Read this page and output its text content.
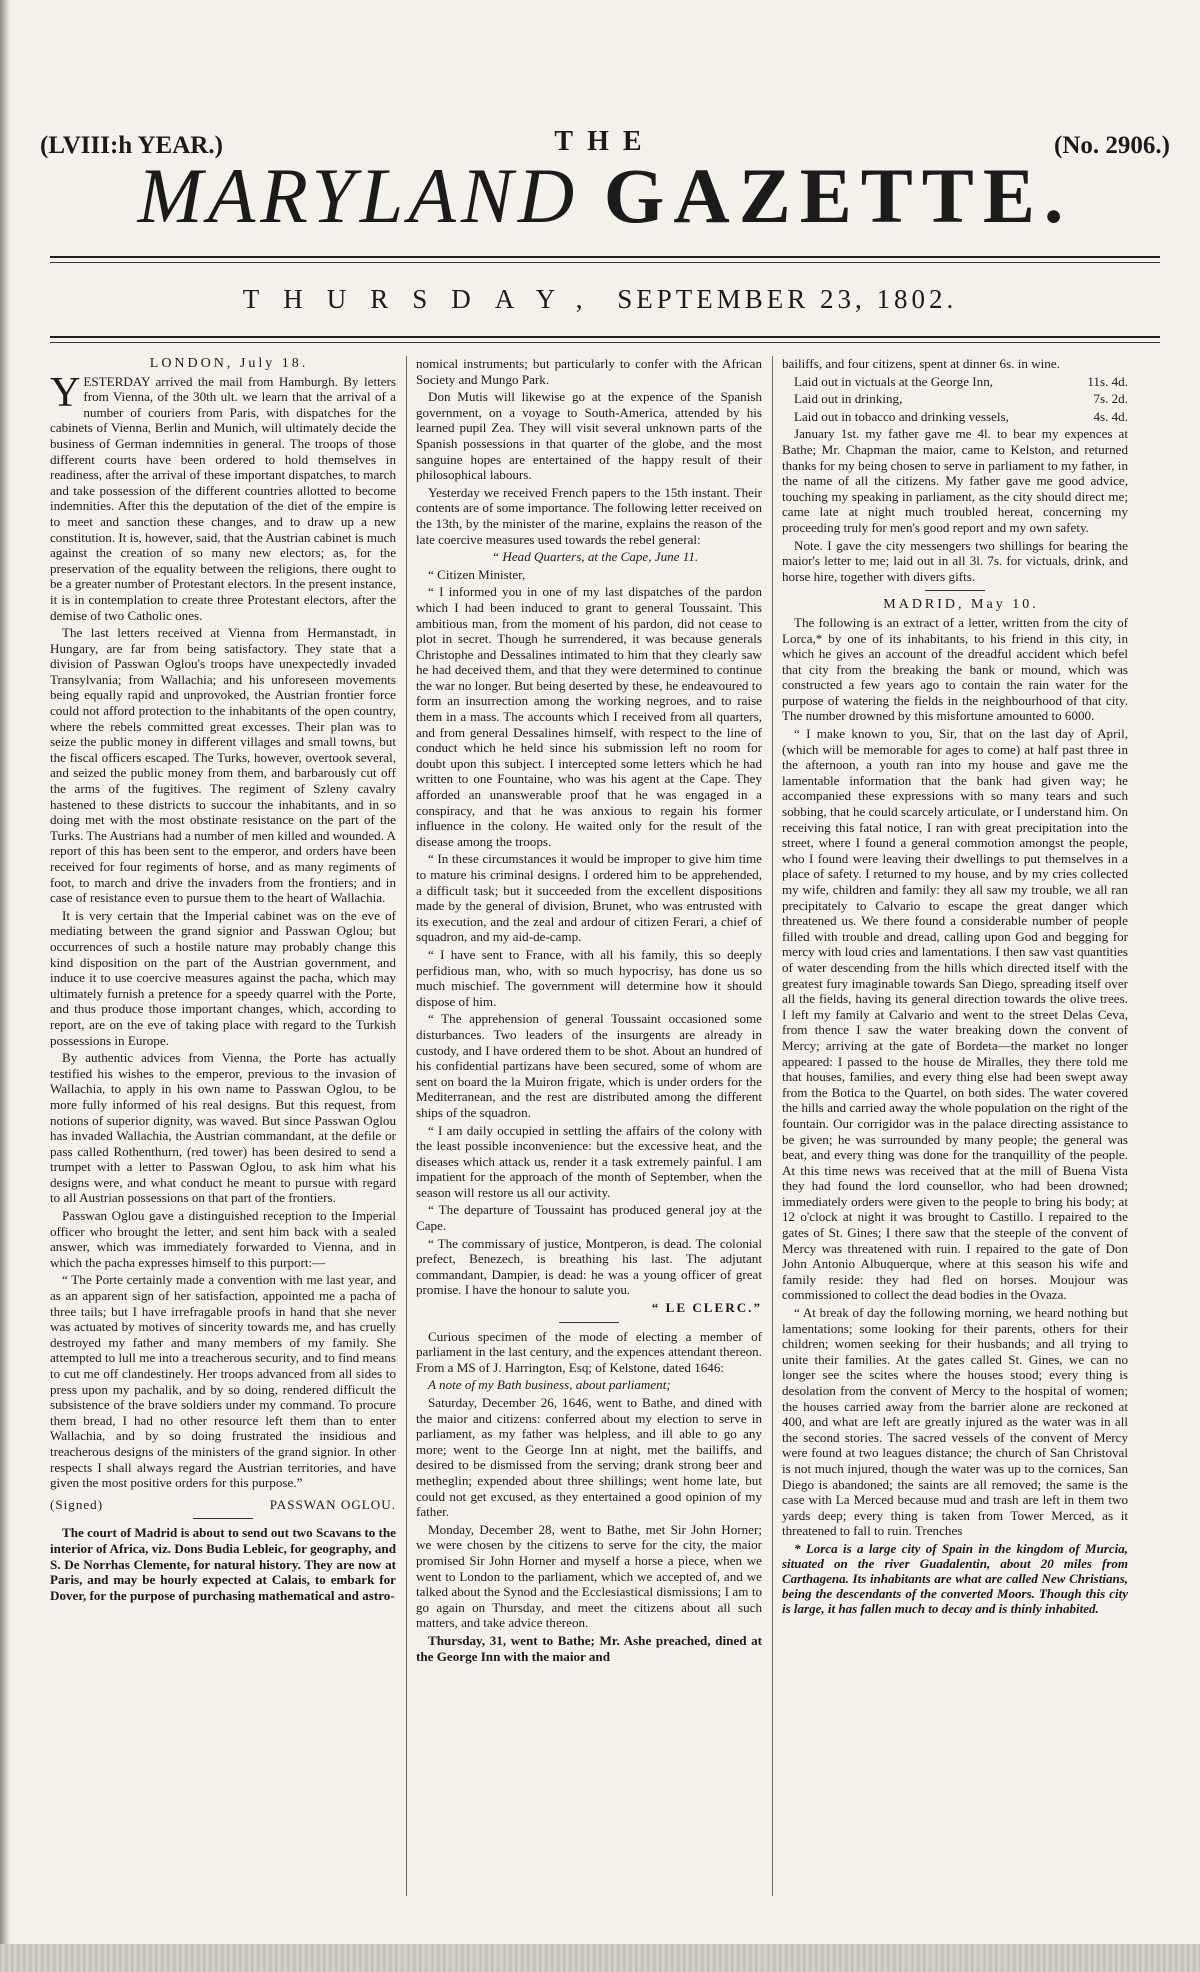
(LVIII:h YEAR.)	THE	(No. 2906.)
MARYLAND GAZETTE.
THURSDAY, SEPTEMBER 23, 1802.

LONDON, July 18.

YESTERDAY arrived the mail from Hamburgh. By letters from Vienna, of the 30th ult. we learn that the arrival of a number of couriers from Paris, with dispatches for the cabinets of Vienna, Berlin and Munich, will ultimately decide the business of German indemnities in general. The troops of those different courts have been ordered to hold themselves in readiness, after the arrival of these important dispatches, to march and take possession of the different countries allotted to become indemnities. After this the deputation of the diet of the empire is to meet and sanction these changes, and to draw up a new constitution. It is, however, said, that the Austrian cabinet is much against the creation of so many new electors; as, for the preservation of the equality between the religions, there ought to be a greater number of Protestant electors. In the present instance, it is in contemplation to create three Protestant electors, after the demise of two Catholic ones.

The last letters received at Vienna from Hermanstadt, in Hungary, are far from being satisfactory. They state that a division of Passwan Oglou's troops have unexpectedly invaded Transylvania; from Wallachia; and his unforeseen movements being equally rapid and unprovoked, the Austrian frontier force could not afford protection to the inhabitants of the open country, where the rebels committed great excesses. Their plan was to seize the public money in different villages and small towns, but the fiscal officers escaped. The Turks, however, overtook several, and seized the public money from them, and barbarously cut off the arms of the fugitives. The regiment of Szleny cavalry hastened to these districts to succour the inhabitants, and in so doing met with the most obstinate resistance on the part of the Turks. The Austrians had a number of men killed and wounded. A report of this has been sent to the emperor, and orders have been received for four regiments of horse, and as many regiments of foot, to march and drive the invaders from the frontiers; and in case of resistance even to pursue them to the heart of Wallachia.

It is very certain that the Imperial cabinet was on the eve of mediating between the grand signior and Passwan Oglou; but occurrences of such a hostile nature may probably change this kind disposition on the part of the Austrian government, and induce it to use coercive measures against the pacha, which may ultimately furnish a pretence for a speedy quarrel with the Porte, and thus produce those important changes, which, according to report, are on the eve of taking place with regard to the Turkish possessions in Europe.

By authentic advices from Vienna, the Porte has actually testified his wishes to the emperor, previous to the invasion of Wallachia, to apply in his own name to Passwan Oglou, to be more fully informed of his real designs. But this request, from notions of superior dignity, was waved. But since Passwan Oglou has invaded Wallachia, the Austrian commandant, at the defile or pass called Rothenthurn, (red tower) has been desired to send a trumpet with a letter to Passwan Oglou, to ask him what his designs were, and what conduct he meant to pursue with regard to all Austrian possessions on that part of the frontiers.

Passwan Oglou gave a distinguished reception to the Imperial officer who brought the letter, and sent him back with a sealed answer, which was immediately forwarded to Vienna, and in which the pacha expresses himself to this purport:—

“ The Porte certainly made a convention with me last year, and as an apparent sign of her satisfaction, appointed me a pacha of three tails; but I have irrefragable proofs in hand that she never was actuated by motives of sincerity towards me, and has cruelly destroyed my father and many members of my family. She attempted to lull me into a treacherous security, and to find means to cut me off clandestinely. Her troops advanced from all sides to press upon my pachalik, and by so doing, rendered difficult the subsistence of the brave soldiers under my command. To procure them bread, I had no other resource left them than to enter Wallachia, and by so doing frustrated the insidious and treacherous designs of the ministers of the grand signior. In other respects I shall always regard the Austrian territories, and have given the most positive orders for this purpose.”

(Signed)	PASSWAN OGLOU.

The court of Madrid is about to send out two Scavans to the interior of Africa, viz. Dons Budia Lebleic, for geography, and S. De Norrhas Clemente, for natural history. They are now at Paris, and may be hourly expected at Calais, to embark for Dover, for the purpose of purchasing mathematical and astro-

nomical instruments; but particularly to confer with the African Society and Mungo Park.

Don Mutis will likewise go at the expence of the Spanish government, on a voyage to South-America, attended by his learned pupil Zea. They will visit several unknown parts of the Spanish possessions in that quarter of the globe, and the most sanguine hopes are entertained of the happy result of their philosophical labours.

Yesterday we received French papers to the 15th instant. Their contents are of some importance. The following letter received on the 13th, by the minister of the marine, explains the reason of the late coercive measures used towards the rebel general:

“ Head Quarters, at the Cape, June 11.

“ Citizen Minister,

“ I informed you in one of my last dispatches of the pardon which I had been induced to grant to general Toussaint. This ambitious man, from the moment of his pardon, did not cease to plot in secret. Though he surrendered, it was because generals Christophe and Dessalines intimated to him that they clearly saw he had deceived them, and that they were determined to continue the war no longer. But being deserted by these, he endeavoured to form an insurrection among the working negroes, and to raise them in a mass. The accounts which I received from all quarters, and from general Dessalines himself, with respect to the line of conduct which he held since his submission left no room for doubt upon this subject. I intercepted some letters which he had written to one Fountaine, who was his agent at the Cape. They afforded an unanswerable proof that he was engaged in a conspiracy, and that he was anxious to regain his former influence in the colony. He waited only for the result of the disease among the troops.

“ In these circumstances it would be improper to give him time to mature his criminal designs. I ordered him to be apprehended, a difficult task; but it succeeded from the excellent dispositions made by the general of division, Brunet, who was entrusted with its execution, and the zeal and ardour of citizen Ferari, a chief of squadron, and my aid-de-camp.

“ I have sent to France, with all his family, this so deeply perfidious man, who, with so much hypocrisy, has done us so much mischief. The government will determine how it should dispose of him.

“ The apprehension of general Toussaint occasioned some disturbances. Two leaders of the insurgents are already in custody, and I have ordered them to be shot. About an hundred of his confidential partizans have been secured, some of whom are sent on board the la Muiron frigate, which is under orders for the Mediterranean, and the rest are distributed among the different ships of the squadron.

“ I am daily occupied in settling the affairs of the colony with the least possible inconvenience: but the excessive heat, and the diseases which attack us, render it a task extremely painful. I am impatient for the approach of the month of September, when the season will restore us all our activity.

“ The departure of Toussaint has produced general joy at the Cape.

“ The commissary of justice, Montperon, is dead. The colonial prefect, Benezech, is breathing his last. The adjutant commandant, Dampier, is dead: he was a young officer of great promise. I have the honour to salute you.

“ LE CLERC.”

Curious specimen of the mode of electing a member of parliament in the last century, and the expences attendant thereon. From a MS of J. Harrington, Esq; of Kelstone, dated 1646:

A note of my Bath business, about parliament;

Saturday, December 26, 1646, went to Bathe, and dined with the maior and citizens: conferred about my election to serve in parliament, as my father was helpless, and ill able to go any more; went to the George Inn at night, met the bailiffs, and desired to be dismissed from the serving; drank strong beer and metheglin; expended about three shillings; went home late, but could not get excused, as they entertained a good opinion of my father.

Monday, December 28, went to Bathe, met Sir John Horner; we were chosen by the citizens to serve for the city, the maior promised Sir John Horner and myself a horse a piece, when we went to London to the parliament, which we accepted of, and we talked about the Synod and the Ecclesiastical dismissions; I am to go again on Thursday, and meet the citizens about all such matters, and take advice thereon.

Thursday, 31, went to Bathe; Mr. Ashe preached, dined at the George Inn with the maior and

bailiffs, and four citizens, spent at dinner 6s. in wine.

Laid out in victuals at the George Inn,	11s. 4d.

Laid out in drinking,	7s. 2d.

Laid out in tobacco and drinking vessels,	4s. 4d.

January 1st. my father gave me 4l. to bear my expences at Bathe; Mr. Chapman the maior, came to Kelston, and returned thanks for my being chosen to serve in parliament to my father, in the name of all the citizens. My father gave me good advice, touching my speaking in parliament, as the city should direct me; came late at night much troubled hereat, concerning my proceeding truly for men's good report and my own safety.

Note. I gave the city messengers two shillings for bearing the maior's letter to me; laid out in all 3l. 7s. for victuals, drink, and horse hire, together with divers gifts.

MADRID, May 10.

The following is an extract of a letter, written from the city of Lorca,* by one of its inhabitants, to his friend in this city, in which he gives an account of the dreadful accident which befel that city from the breaking the bank or mound, which was constructed a few years ago to contain the rain water for the purpose of watering the fields in the neighbourhood of that city. The number drowned by this misfortune amounted to 6000.

“ I make known to you, Sir, that on the last day of April, (which will be memorable for ages to come) at half past three in the afternoon, a youth ran into my house and gave me the lamentable information that the bank had given way; he accompanied these expressions with so many tears and such sobbing, that he could scarcely articulate, or I understand him. On receiving this fatal notice, I ran with great precipitation into the street, where I found a general commotion amongst the people, who I found were leaving their dwellings to put themselves in a place of safety. I returned to my house, and by my cries collected my wife, children and family: they all saw my trouble, we all ran precipitately to Calvario to escape the great danger which threatened us. We there found a considerable number of people filled with trouble and dread, calling upon God and begging for mercy with loud cries and lamentations. I then saw vast quantities of water descending from the hills which directed itself with the greatest fury imaginable towards San Diego, spreading itself over all the fields, having its general direction towards the olive trees. I left my family at Calvario and went to the street Delas Ceva, from thence I saw the water breaking down the convent of Mercy; arriving at the gate of Bordeta—the market no longer appeared: I passed to the house de Miralles, they there told me that houses, families, and every thing else had been swept away from the Botica to the Quartel, on both sides. The water covered the hills and carried away the whole population on the right of the fountain. Our corrigidor was in the palace directing assistance to be given; he was surrounded by many people; the general was beat, and every thing was done for the tranquillity of the people. At this time news was received that at the mill of Buena Vista they had found the lord counsellor, who had been drowned; immediately orders were given to the people to bring his body; at 12 o'clock at night it was brought to Castillo. I repaired to the gates of St. Gines; I there saw that the steeple of the convent of Mercy was threatened with ruin. I repaired to the gate of Don John Antonio Albuquerque, where at this season his wife and family reside: they had fled on horses. Moujour was commissioned to collect the dead bodies in the Ovaza.

“ At break of day the following morning, we heard nothing but lamentations; some looking for their parents, others for their children; women seeking for their husbands; and all trying to unite their families. At the gates called St. Gines, we can no longer see the scites where the houses stood; every thing is desolation from the convent of Mercy to the hospital of women; the houses carried away from the barrier alone are reckoned at 400, and what are left are greatly injured as the water was in all the second stories. The sacred vessels of the convent of Mercy were found at two leagues distance; the church of San Christoval is not much injured, though the water was up to the cornices, San Diego is abandoned; the saints are all removed; the same is the case with La Merced because mud and trash are left in them two yards deep; every thing is taken from Tower Merced, as it threatened to fall to ruin. Trenches

* Lorca is a large city of Spain in the kingdom of Murcia, situated on the river Guadalentin, about 20 miles from Carthagena. Its inhabitants are what are called New Christians, being the descendants of the converted Moors. Though this city is large, it has fallen much to decay and is thinly inhabited.
